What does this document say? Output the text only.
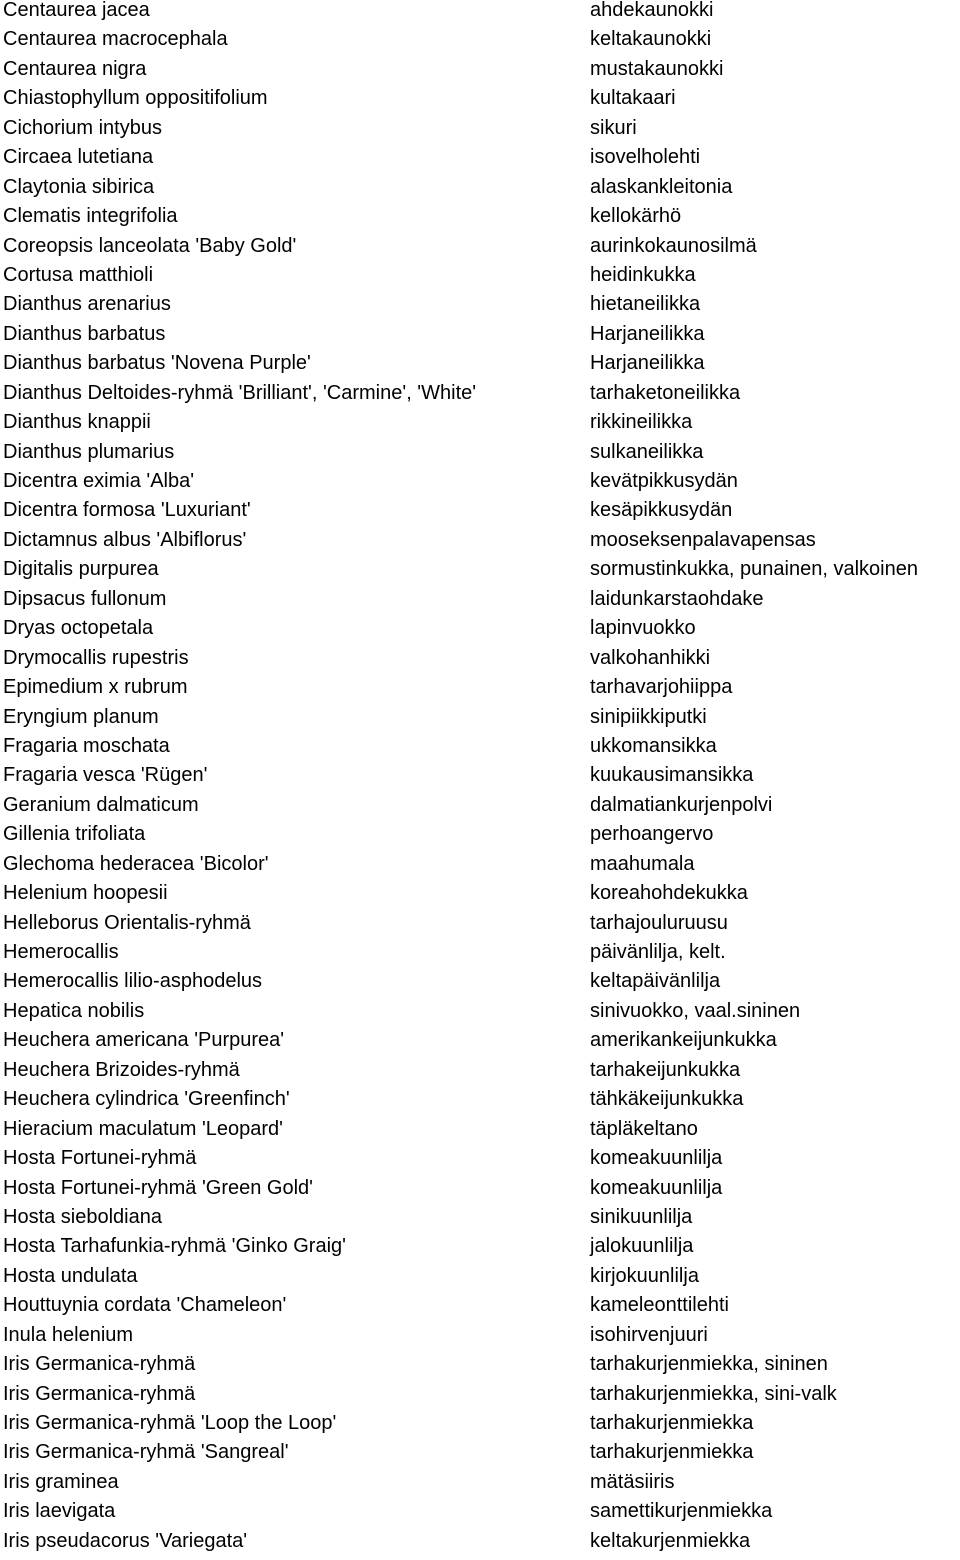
Centaurea jacea	ahdekaunokki
Centaurea macrocephala	keltakaunokki
Centaurea nigra	mustakaunokki
Chiastophyllum oppositifolium	kultakaari
Cichorium intybus	sikuri
Circaea lutetiana	isovelholehti
Claytonia sibirica	alaskankleitonia
Clematis integrifolia	kellokärhö
Coreopsis lanceolata 'Baby Gold'	aurinkokaunosilmä
Cortusa matthioli	heidinkukka
Dianthus arenarius	hietaneilikka
Dianthus barbatus	Harjaneilikka
Dianthus barbatus 'Novena Purple'	Harjaneilikka
Dianthus Deltoides-ryhmä 'Brilliant', 'Carmine', 'White'	tarhaketoneilikka
Dianthus knappii	rikkineilikka
Dianthus plumarius	sulkaneilikka
Dicentra eximia 'Alba'	kevätpikkusydän
Dicentra formosa 'Luxuriant'	kesäpikkusydän
Dictamnus albus 'Albiflorus'	mooseksenpalavapensas
Digitalis purpurea	sormustinkukka, punainen, valkoinen
Dipsacus fullonum	laidunkarstaohdake
Dryas octopetala	lapinvuokko
Drymocallis rupestris	valkohanhikki
Epimedium x rubrum	tarhavarjohiippa
Eryngium planum	sinipiikkiputki
Fragaria moschata	ukkomansikka
Fragaria vesca 'Rügen'	kuukausimansikka
Geranium dalmaticum	dalmatiankurjenpolvi
Gillenia trifoliata	perhoangervo
Glechoma hederacea 'Bicolor'	maahumala
Helenium hoopesii	koreahohdekukka
Helleborus Orientalis-ryhmä	tarhajouluruusu
Hemerocallis	päivänlilja, kelt.
Hemerocallis lilio-asphodelus	keltapäivänlilja
Hepatica nobilis	sinivuokko, vaal.sininen
Heuchera americana 'Purpurea'	amerikankeijunkukka
Heuchera Brizoides-ryhmä	tarhakeijunkukka
Heuchera cylindrica 'Greenfinch'	tähkäkeijunkukka
Hieracium maculatum 'Leopard'	täpläkeltano
Hosta Fortunei-ryhmä	komeakuunlilja
Hosta Fortunei-ryhmä 'Green Gold'	komeakuunlilja
Hosta sieboldiana	sinikuunlilja
Hosta Tarhafunkia-ryhmä 'Ginko Graig'	jalokuunlilja
Hosta undulata	kirjokuunlilja
Houttuynia cordata 'Chameleon'	kameleonttilehti
Inula helenium	isohirvenjuuri
Iris Germanica-ryhmä	tarhakurjenmiekka, sininen
Iris Germanica-ryhmä	tarhakurjenmiekka, sini-valk
Iris Germanica-ryhmä 'Loop the Loop'	tarhakurjenmiekka
Iris Germanica-ryhmä 'Sangreal'	tarhakurjenmiekka
Iris graminea	mätäsiiris
Iris laevigata	samettikurjenmiekka
Iris pseudacorus 'Variegata'	keltakurjenmiekka
